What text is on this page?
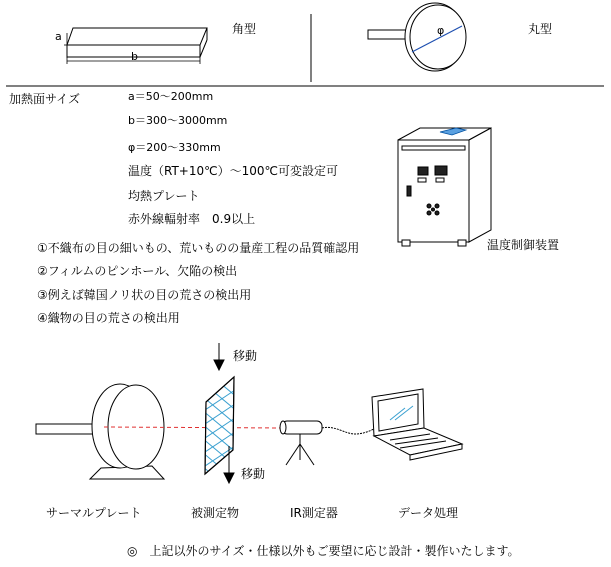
a
b
角型	φ	丸型
加熱面サイズ	a＝50～200mm
b＝300～3000mm
φ＝200～330mm
温度（RT+10℃）～100℃可変設定可
均熱プレート
赤外線輻射率　0.9以上
温度制御装置
①不織布の目の細いもの、荒いものの量産工程の品質確認用
②フィルムのピンホール、欠陥の検出
③例えば韓国ノリ状の目の荒さの検出用
④織物の目の荒さの検出用
移動
移動
サーマルプレート	被測定物	IR測定器	データ処理
◎　上記以外のサイズ・仕様以外もご要望に応じ設計・製作いたします。
